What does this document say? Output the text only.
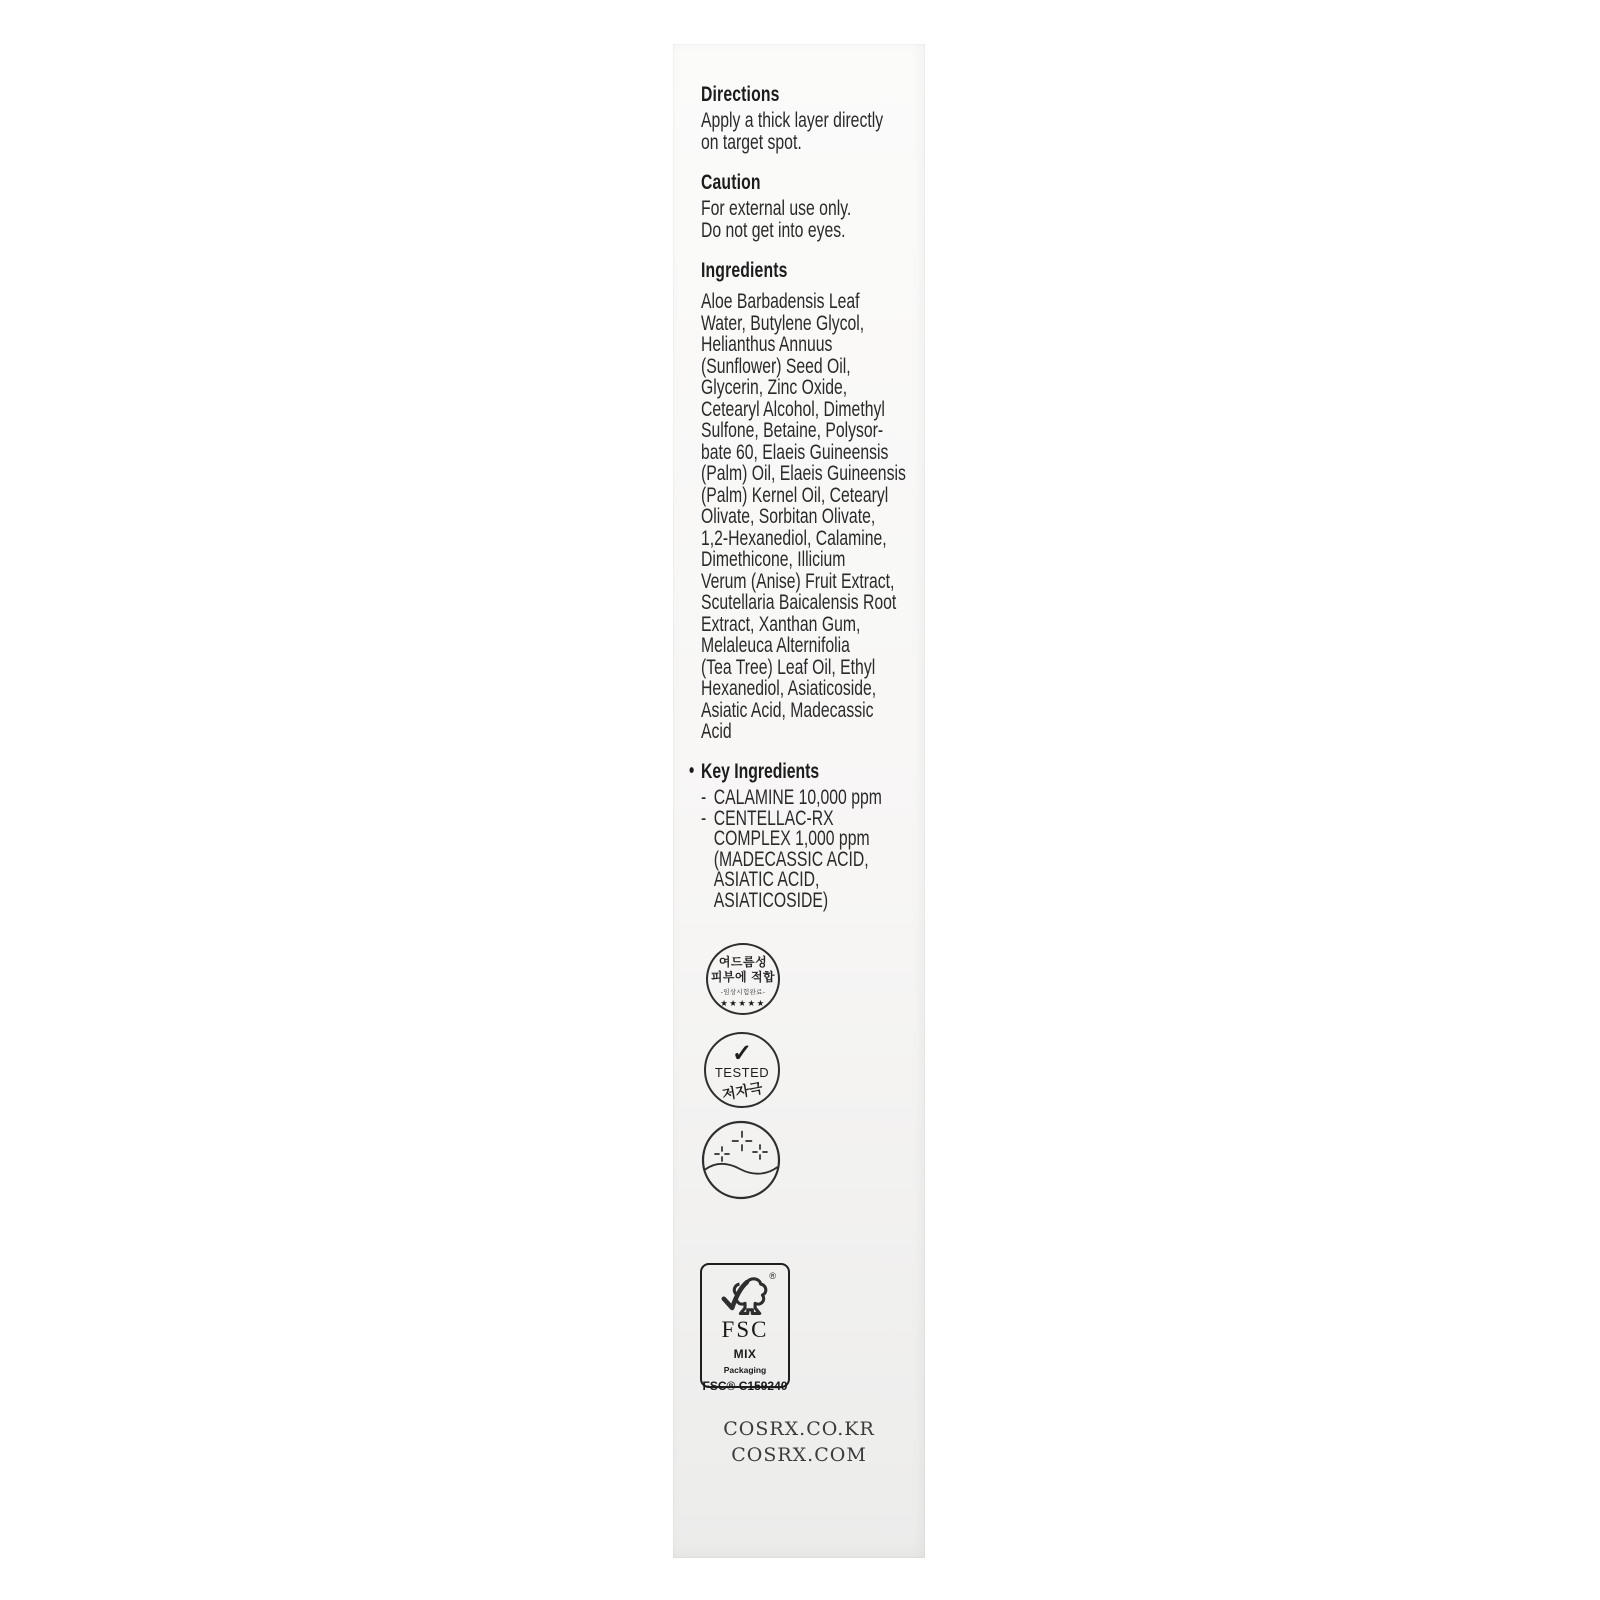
Directions
Apply a thick layer directly
on target spot.
Caution
For external use only.
Do not get into eyes.
Ingredients
Aloe Barbadensis Leaf
Water, Butylene Glycol,
Helianthus Annuus
(Sunflower) Seed Oil,
Glycerin, Zinc Oxide,
Cetearyl Alcohol, Dimethyl
Sulfone, Betaine, Polysor-
bate 60, Elaeis Guineensis
(Palm) Oil, Elaeis Guineensis
(Palm) Kernel Oil, Cetearyl
Olivate, Sorbitan Olivate,
1,2-Hexanediol, Calamine,
Dimethicone, Illicium
Verum (Anise) Fruit Extract,
Scutellaria Baicalensis Root
Extract, Xanthan Gum,
Melaleuca Alternifolia
(Tea Tree) Leaf Oil, Ethyl
Hexanediol, Asiaticoside,
Asiatic Acid, Madecassic
Acid
• Key Ingredients
- CALAMINE 10,000 ppm
- CENTELLAC-RX
COMPLEX 1,000 ppm
(MADECASSIC ACID,
ASIATIC ACID,
ASIATICOSIDE)
여드름성
피부에 적합
-임상시험완료-
★★★★★
✓
TESTED
저자극
®
FSC
MIX
Packaging
FSC® C159240
COSRX.CO.KR
COSRX.COM
